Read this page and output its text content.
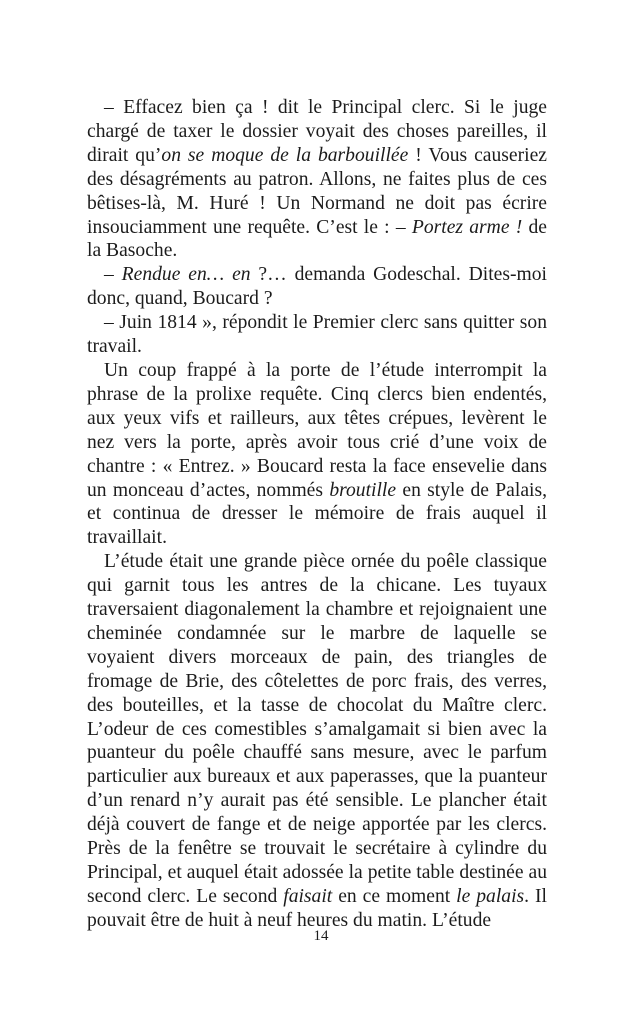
– Effacez bien ça ! dit le Principal clerc. Si le juge chargé de taxer le dossier voyait des choses pareilles, il dirait qu’on se moque de la barbouillée ! Vous causeriez des désagréments au patron. Allons, ne faites plus de ces bêtises-là, M. Huré ! Un Normand ne doit pas écrire insouciamment une requête. C’est le : – Portez arme ! de la Basoche.

– Rendue en… en ?… demanda Godeschal. Dites-moi donc, quand, Boucard ?

– Juin 1814 », répondit le Premier clerc sans quitter son travail.

Un coup frappé à la porte de l’étude interrompit la phrase de la prolixe requête. Cinq clercs bien endentés, aux yeux vifs et railleurs, aux têtes crépues, levèrent le nez vers la porte, après avoir tous crié d’une voix de chantre : « Entrez. » Boucard resta la face ensevelie dans un monceau d’actes, nommés broutille en style de Palais, et continua de dresser le mémoire de frais auquel il travaillait.

L’étude était une grande pièce ornée du poêle classique qui garnit tous les antres de la chicane. Les tuyaux traversaient diagonalement la chambre et rejoignaient une cheminée condamnée sur le marbre de laquelle se voyaient divers morceaux de pain, des triangles de fromage de Brie, des côtelettes de porc frais, des verres, des bouteilles, et la tasse de chocolat du Maître clerc. L’odeur de ces comestibles s’amalgamait si bien avec la puanteur du poêle chauffé sans mesure, avec le parfum particulier aux bureaux et aux paperasses, que la puanteur d’un renard n’y aurait pas été sensible. Le plancher était déjà couvert de fange et de neige apportée par les clercs. Près de la fenêtre se trouvait le secrétaire à cylindre du Principal, et auquel était adossée la petite table destinée au second clerc. Le second faisait en ce moment le palais. Il pouvait être de huit à neuf heures du matin. L’étude

14
